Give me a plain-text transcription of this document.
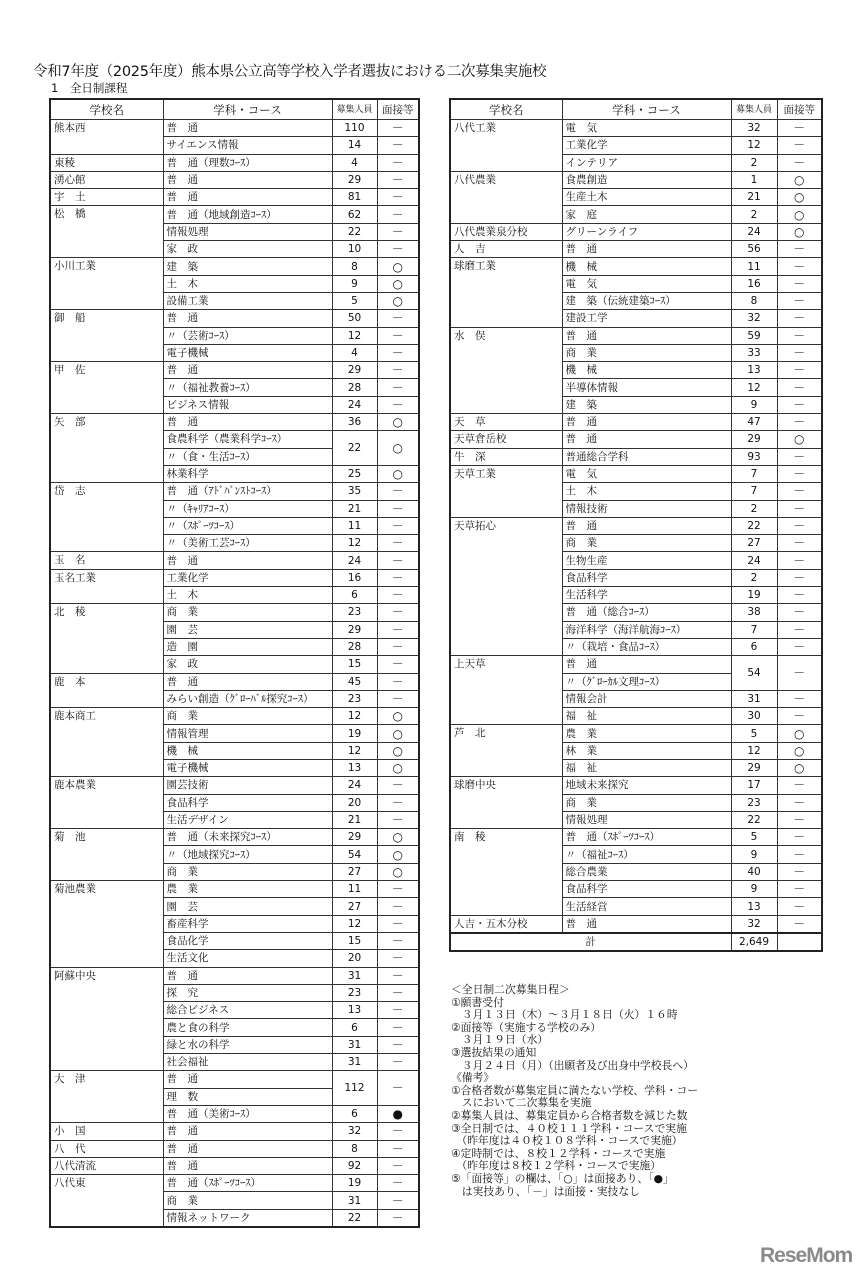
令和7年度（2025年度）熊本県公立高等学校入学者選抜における二次募集実施校
1　全日制課程
学校名	学科・コース	募集人員	面接等
熊本西	普　通	110	－
	サイエンス情報	14	－
東稜	普　通（理数ｺｰｽ）	4	－
湧心館	普　通	29	－
宇　土	普　通	81	－
松　橋	普　通（地域創造ｺｰｽ）	62	－
	情報処理	22	－
	家　政	10	－
小川工業	建　築	8	○
	土　木	9	○
	設備工業	5	○
御　船	普　通	50	－
	〃（芸術ｺｰｽ）	12	－
	電子機械	4	－
甲　佐	普　通	29	－
	〃（福祉教養ｺｰｽ）	28	－
	ビジネス情報	24	－
矢　部	普　通	36	○
	食農科学（農業科学ｺｰｽ）	22	○
	〃（食・生活ｺｰｽ）		
	林業科学	25	○
岱　志	普　通（ｱﾄﾞﾊﾞﾝｽﾄｺｰｽ）	35	－
	〃（ｷｬﾘｱｺｰｽ）	21	－
	〃（ｽﾎﾟｰﾂｺｰｽ）	11	－
	〃（美術工芸ｺｰｽ）	12	－
玉　名	普　通	24	－
玉名工業	工業化学	16	－
	土　木	6	－
北　稜	商　業	23	－
	園　芸	29	－
	造　園	28	－
	家　政	15	－
鹿　本	普　通	45	－
	みらい創造（ｸﾞﾛｰﾊﾞﾙ探究ｺｰｽ）	23	－
鹿本商工	商　業	12	○
	情報管理	19	○
	機　械	12	○
	電子機械	13	○
鹿本農業	園芸技術	24	－
	食品科学	20	－
	生活デザイン	21	－
菊　池	普　通（未来探究ｺｰｽ）	29	○
	〃（地域探究ｺｰｽ）	54	○
	商　業	27	○
菊池農業	農　業	11	－
	園　芸	27	－
	畜産科学	12	－
	食品化学	15	－
	生活文化	20	－
阿蘇中央	普　通	31	－
	探　究	23	－
	総合ビジネス	13	－
	農と食の科学	6	－
	緑と水の科学	31	－
	社会福祉	31	－
大　津	普　通	112	－
	理　数		
	普　通（美術ｺｰｽ）	6	●
小　国	普　通	32	－
八　代	普　通	8	－
八代清流	普　通	92	－
八代東	普　通（ｽﾎﾟｰﾂｺｰｽ）	19	－
	商　業	31	－
	情報ネットワーク	22	－
学校名	学科・コース	募集人員	面接等
八代工業	電　気	32	－
	工業化学	12	－
	インテリア	2	－
八代農業	食農創造	1	○
	生産土木	21	○
	家　庭	2	○
八代農業泉分校	グリーンライフ	24	○
人　吉	普　通	56	－
球磨工業	機　械	11	－
	電　気	16	－
	建　築（伝統建築ｺｰｽ）	8	－
	建設工学	32	－
水　俣	普　通	59	－
	商　業	33	－
	機　械	13	－
	半導体情報	12	－
	建　築	9	－
天　草	普　通	47	－
天草倉岳校	普　通	29	○
牛　深	普通総合学科	93	－
天草工業	電　気	7	－
	土　木	7	－
	情報技術	2	－
天草拓心	普　通	22	－
	商　業	27	－
	生物生産	24	－
	食品科学	2	－
	生活科学	19	－
	普　通（総合ｺｰｽ）	38	－
	海洋科学（海洋航海ｺｰｽ）	7	－
	〃（栽培・食品ｺｰｽ）	6	－
上天草	普　通	54	－
	〃（ｸﾞﾛｰｶﾙ文理ｺｰｽ）		
	情報会計	31	－
	福　祉	30	－
芦　北	農　業	5	○
	林　業	12	○
	福　祉	29	○
球磨中央	地域未来探究	17	－
	商　業	23	－
	情報処理	22	－
南　稜	普　通（ｽﾎﾟｰﾂｺｰｽ）	5	－
	〃（福祉ｺｰｽ）	9	－
	総合農業	40	－
	食品科学	9	－
	生活経営	13	－
人吉・五木分校	普　通	32	－
計		2,649	
＜全日制二次募集日程＞
①願書受付
　３月１３日（木）～３月１８日（火）１６時
②面接等（実施する学校のみ）
　３月１９日（水）
③選抜結果の通知
　３月２４日（月）（出願者及び出身中学校長へ）
《備考》
①合格者数が募集定員に満たない学校、学科・コー
　スにおいて二次募集を実施
②募集人員は、募集定員から合格者数を減じた数
③全日制では、４０校１１１学科・コースで実施
　（昨年度は４０校１０８学科・コースで実施）
④定時制では、８校１２学科・コースで実施
　（昨年度は８校１２学科・コースで実施）
⑤「面接等」の欄は、「○」は面接あり、「●」
　は実技あり、「－」は面接・実技なし
ReseMom
